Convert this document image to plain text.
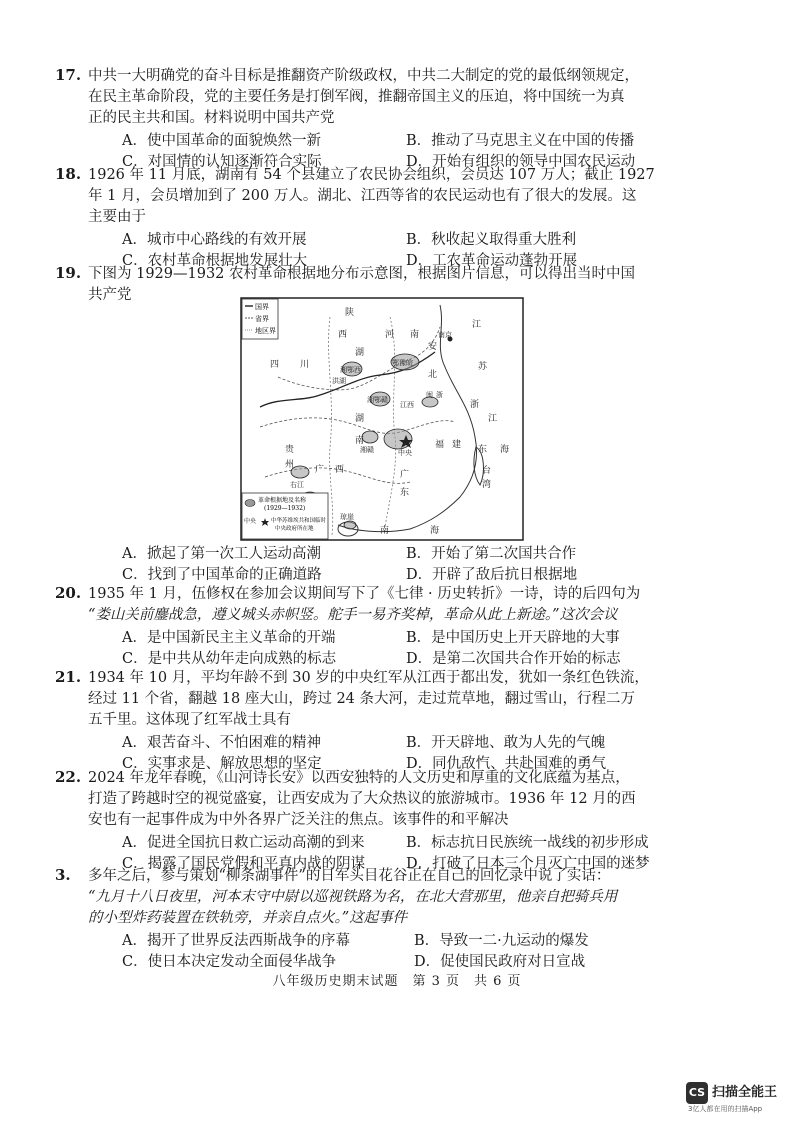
17. 中共一大明确党的奋斗目标是推翻资产阶级政权，中共二大制定的党的最低纲领规定，
在民主革命阶段，党的主要任务是打倒军阀，推翻帝国主义的压迫，将中国统一为真
正的民主共和国。材料说明中国共产党
A．使中国革命的面貌焕然一新	B．推动了马克思主义在中国的传播
C．对国情的认知逐渐符合实际	D．开始有组织的领导中国农民运动
18. 1926 年 11 月底，湖南有 54 个县建立了农民协会组织，会员达 107 万人；截止 1927
年 1 月，会员增加到了 200 万人。湖北、江西等省的农民运动也有了很大的发展。这
主要由于
A．城市中心路线的有效开展	B．秋收起义取得重大胜利
C．农村革命根据地发展壮大	D．工农革命运动蓬勃开展
19. 下图为 1929—1932 农村革命根据地分布示意图，根据图片信息，可以得出当时中国
共产党
国界
省界
地区界
陕
西	河 南
安
江
苏
四 川
湖
北
浙
江
湖
南	福 建 东 海
贵
州 广 西	广
东
台
湾
南	海
鄂豫皖
湘鄂西
南京
湘鄂赣
江西
中央
湘赣
右江
琼崖
闽 浙
洪湖
革命根据地及名称
(1929—1932)
中央	中华苏维埃共和国临时
中央政府所在地
A．掀起了第一次工人运动高潮	B．开始了第二次国共合作
C．找到了中国革命的正确道路	D．开辟了敌后抗日根据地
20. 1935 年 1 月，伍修权在参加会议期间写下了《七律 · 历史转折》一诗，诗的后四句为
“娄山关前鏖战急，遵义城头赤帜竖。舵手一易齐奖棹，革命从此上新途。”这次会议
A．是中国新民主主义革命的开端	B．是中国历史上开天辟地的大事
C．是中共从幼年走向成熟的标志	D．是第二次国共合作开始的标志
21. 1934 年 10 月，平均年龄不到 30 岁的中央红军从江西于都出发，犹如一条红色铁流，
经过 11 个省，翻越 18 座大山，跨过 24 条大河，走过荒草地，翻过雪山，行程二万
五千里。这体现了红军战士具有
A．艰苦奋斗、不怕困难的精神	B．开天辟地、敢为人先的气魄
C．实事求是、解放思想的坚定	D．同仇敌忾、共赴国难的勇气
22. 2024 年龙年春晚，《山河诗长安》以西安独特的人文历史和厚重的文化底蕴为基点，
打造了跨越时空的视觉盛宴，让西安成为了大众热议的旅游城市。1936 年 12 月的西
安也有一起事件成为中外各界广泛关注的焦点。该事件的和平解决
A．促进全国抗日救亡运动高潮的到来	B．标志抗日民族统一战线的初步形成
C．揭露了国民党假和平真内战的阴谋	D．打破了日本三个月灭亡中国的迷梦
3. 多年之后，参与策划“柳条湖事件”的日军头目花谷正在自己的回忆录中说了实话：
“九月十八日夜里，河本末守中尉以巡视铁路为名，在北大营那里，他亲自把骑兵用
的小型炸药装置在铁轨旁，并亲自点火。”这起事件
A．揭开了世界反法西斯战争的序幕	B．导致一二·九运动的爆发
C．使日本决定发动全面侵华战争	D．促使国民政府对日宣战
八年级历史期末试题　第 3 页　共 6 页
CS 扫描全能王
3亿人都在用的扫描App
